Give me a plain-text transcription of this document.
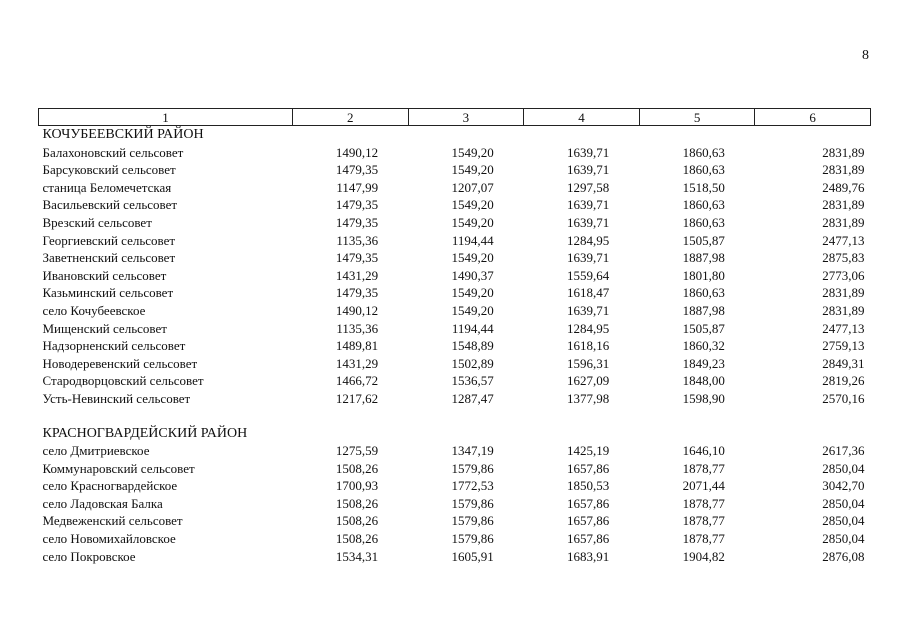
8
1	2	3	4	5	6
КОЧУБЕЕВСКИЙ РАЙОН					
Балахоновский сельсовет	1490,12	1549,20	1639,71	1860,63	2831,89
Барсуковский сельсовет	1479,35	1549,20	1639,71	1860,63	2831,89
станица Беломечетская	1147,99	1207,07	1297,58	1518,50	2489,76
Васильевский сельсовет	1479,35	1549,20	1639,71	1860,63	2831,89
Врезский сельсовет	1479,35	1549,20	1639,71	1860,63	2831,89
Георгиевский сельсовет	1135,36	1194,44	1284,95	1505,87	2477,13
Заветненский сельсовет	1479,35	1549,20	1639,71	1887,98	2875,83
Ивановский сельсовет	1431,29	1490,37	1559,64	1801,80	2773,06
Казьминский сельсовет	1479,35	1549,20	1618,47	1860,63	2831,89
село Кочубеевское	1490,12	1549,20	1639,71	1887,98	2831,89
Мищенский сельсовет	1135,36	1194,44	1284,95	1505,87	2477,13
Надзорненский сельсовет	1489,81	1548,89	1618,16	1860,32	2759,13
Новодеревенский сельсовет	1431,29	1502,89	1596,31	1849,23	2849,31
Стародворцовский сельсовет	1466,72	1536,57	1627,09	1848,00	2819,26
Усть-Невинский сельсовет	1217,62	1287,47	1377,98	1598,90	2570,16

КРАСНОГВАРДЕЙСКИЙ РАЙОН					
село Дмитриевское	1275,59	1347,19	1425,19	1646,10	2617,36
Коммунаровский сельсовет	1508,26	1579,86	1657,86	1878,77	2850,04
село Красногвардейское	1700,93	1772,53	1850,53	2071,44	3042,70
село Ладовская Балка	1508,26	1579,86	1657,86	1878,77	2850,04
Медвеженский сельсовет	1508,26	1579,86	1657,86	1878,77	2850,04
село Новомихайловское	1508,26	1579,86	1657,86	1878,77	2850,04
село Покровское	1534,31	1605,91	1683,91	1904,82	2876,08
